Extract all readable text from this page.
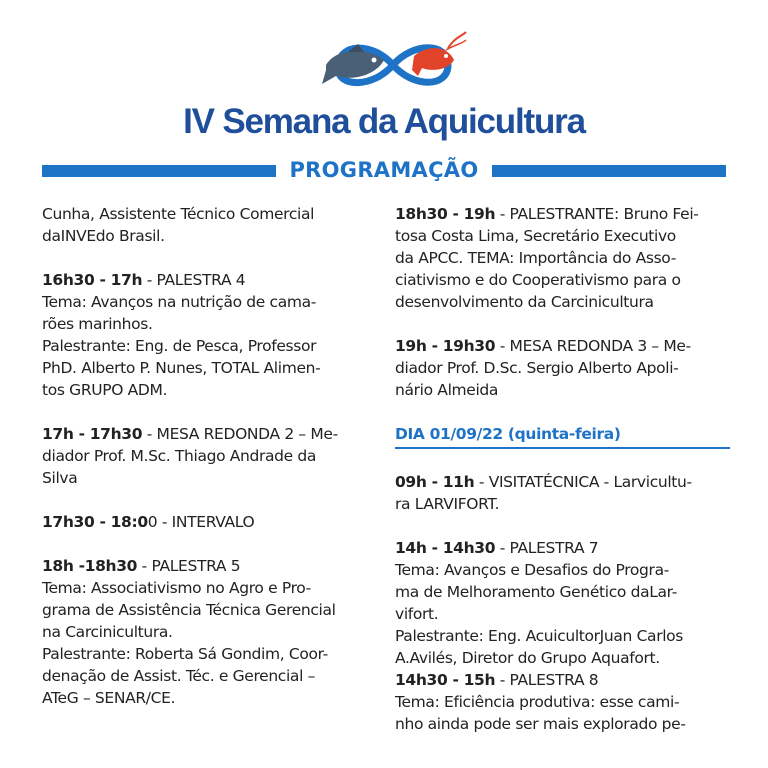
IV Semana da Aquicultura
PROGRAMAÇÃO

Cunha, Assistente Técnico Comercial

daINVEdo Brasil.

16h30 - 17h - PALESTRA 4

Tema: Avanços na nutrição de cama-

rões marinhos.

Palestrante: Eng. de Pesca, Professor

PhD. Alberto P. Nunes, TOTAL Alimen-

tos GRUPO ADM.

17h - 17h30 - MESA REDONDA 2 – Me-

diador Prof. M.Sc. Thiago Andrade da

Silva

17h30 - 18:00 - INTERVALO

18h -18h30 - PALESTRA 5

Tema: Associativismo no Agro e Pro-

grama de Assistência Técnica Gerencial

na Carcinicultura.

Palestrante: Roberta Sá Gondim, Coor-

denação de Assist. Téc. e Gerencial –

ATeG – SENAR/CE.

18h30 - 19h - PALESTRANTE: Bruno Fei-

tosa Costa Lima, Secretário Executivo

da APCC. TEMA: Importância do Asso-

ciativismo e do Cooperativismo para o

desenvolvimento da Carcinicultura

19h - 19h30 - MESA REDONDA 3 – Me-

diador Prof. D.Sc. Sergio Alberto Apoli-

nário Almeida

DIA 01/09/22 (quinta-feira)

09h - 11h - VISITATÉCNICA - Larvicultu-

ra LARVIFORT.

14h - 14h30 - PALESTRA 7

Tema: Avanços e Desafios do Progra-

ma de Melhoramento Genético daLar-

vifort.

Palestrante: Eng. AcuicultorJuan Carlos

A.Avilés, Diretor do Grupo Aquafort.

14h30 - 15h - PALESTRA 8

Tema: Eficiência produtiva: esse cami-

nho ainda pode ser mais explorado pe-
